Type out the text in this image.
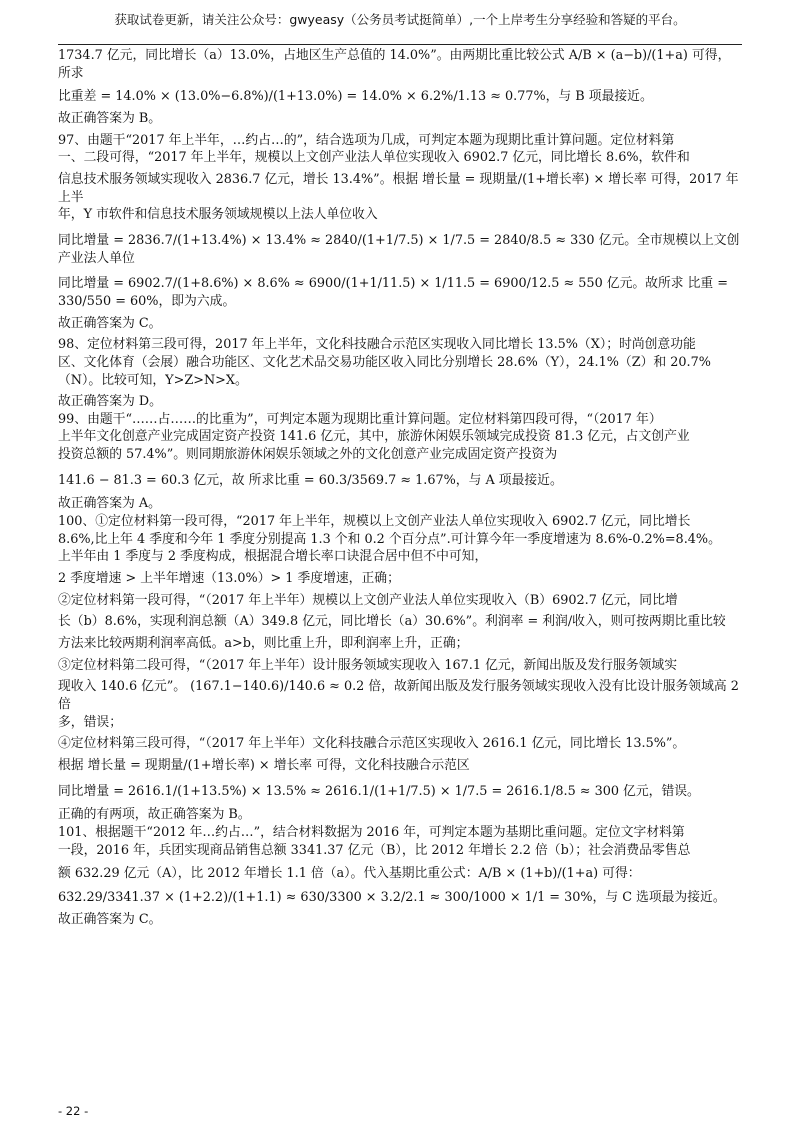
获取试卷更新，请关注公众号：gwyeasy（公务员考试挺简单）,一个上岸考生分享经验和答疑的平台。

1734.7 亿元，同比增长（a）13.0%，占地区生产总值的 14.0%”。由两期比重比较公式 A/B × (a−b)/(1+a) 可得，所求

比重差 = 14.0% × (13.0%−6.8%)/(1+13.0%) = 14.0% × 6.2%/1.13 ≈ 0.77%，与 B 项最接近。

故正确答案为 B。

97、由题干“2017 年上半年，…约占…的”，结合选项为几成，可判定本题为现期比重计算问题。定位材料第

一、二段可得，“2017 年上半年，规模以上文创产业法人单位实现收入 6902.7 亿元，同比增长 8.6%，软件和

信息技术服务领域实现收入 2836.7 亿元，增长 13.4%”。根据 增长量 = 现期量/(1+增长率) × 增长率 可得，2017 年上半

年，Y 市软件和信息技术服务领域规模以上法人单位收入

同比增量 = 2836.7/(1+13.4%) × 13.4% ≈ 2840/(1+1/7.5) × 1/7.5 = 2840/8.5 ≈ 330 亿元。全市规模以上文创产业法人单位

同比增量 = 6902.7/(1+8.6%) × 8.6% ≈ 6900/(1+1/11.5) × 1/11.5 = 6900/12.5 ≈ 550 亿元。故所求 比重 = 330/550 = 60%，即为六成。

故正确答案为 C。

98、定位材料第三段可得，2017 年上半年，文化科技融合示范区实现收入同比增长 13.5%（X）；时尚创意功能

区、文化体育（会展）融合功能区、文化艺术品交易功能区收入同比分别增长 28.6%（Y），24.1%（Z）和 20.7%

（N）。比较可知，Y>Z>N>X。

故正确答案为 D。

99、由题干“……占……的比重为”，可判定本题为现期比重计算问题。定位材料第四段可得，“（2017 年）

上半年文化创意产业完成固定资产投资 141.6 亿元，其中，旅游休闲娱乐领域完成投资 81.3 亿元，占文创产业

投资总额的 57.4%”。则同期旅游休闲娱乐领域之外的文化创意产业完成固定资产投资为

141.6 − 81.3 = 60.3 亿元，故 所求比重 = 60.3/3569.7 ≈ 1.67%，与 A 项最接近。

故正确答案为 A。

100、①定位材料第一段可得，“2017 年上半年，规模以上文创产业法人单位实现收入 6902.7 亿元，同比增长

8.6%,比上年 4 季度和今年 1 季度分别提高 1.3 个和 0.2 个百分点”.可计算今年一季度增速为 8.6%-0.2%=8.4%。

上半年由 1 季度与 2 季度构成，根据混合增长率口诀混合居中但不中可知，

2 季度增速 > 上半年增速（13.0%）> 1 季度增速，正确；

②定位材料第一段可得，“（2017 年上半年）规模以上文创产业法人单位实现收入（B）6902.7 亿元，同比增

长（b）8.6%，实现利润总额（A）349.8 亿元，同比增长（a）30.6%”。利润率 = 利润/收入，则可按两期比重比较

方法来比较两期利润率高低。a>b，则比重上升，即利润率上升，正确；

③定位材料第二段可得，“（2017 年上半年）设计服务领域实现收入 167.1 亿元，新闻出版及发行服务领域实

现收入 140.6 亿元”。 (167.1−140.6)/140.6 ≈ 0.2 倍，故新闻出版及发行服务领域实现收入没有比设计服务领域高 2 倍

多，错误；

④定位材料第三段可得，“（2017 年上半年）文化科技融合示范区实现收入 2616.1 亿元，同比增长 13.5%”。

根据 增长量 = 现期量/(1+增长率) × 增长率 可得，文化科技融合示范区

同比增量 = 2616.1/(1+13.5%) × 13.5% ≈ 2616.1/(1+1/7.5) × 1/7.5 = 2616.1/8.5 ≈ 300 亿元，错误。

正确的有两项，故正确答案为 B。

101、根据题干“2012 年…约占…”，结合材料数据为 2016 年，可判定本题为基期比重问题。定位文字材料第

一段，2016 年，兵团实现商品销售总额 3341.37 亿元（B），比 2012 年增长 2.2 倍（b）；社会消费品零售总

额 632.29 亿元（A），比 2012 年增长 1.1 倍（a）。代入基期比重公式：A/B × (1+b)/(1+a) 可得：

632.29/3341.37 × (1+2.2)/(1+1.1) ≈ 630/3300 × 3.2/2.1 ≈ 300/1000 × 1/1 = 30%，与 C 选项最为接近。

故正确答案为 C。

- 22 -
